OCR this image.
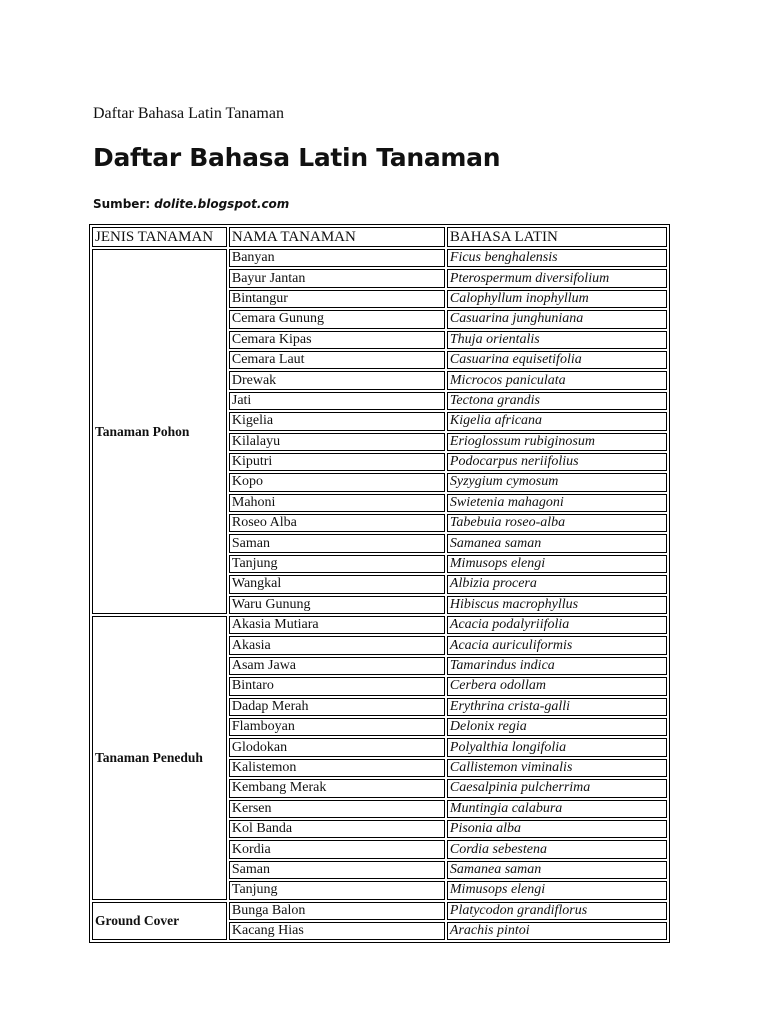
Daftar Bahasa Latin Tanaman
Daftar Bahasa Latin Tanaman
Sumber: dolite.blogspot.com
JENIS TANAMAN	NAMA TANAMAN	BAHASA LATIN
Tanaman Pohon	Banyan	Ficus benghalensis
	Bayur Jantan	Pterospermum diversifolium
	Bintangur	Calophyllum inophyllum
	Cemara Gunung	Casuarina junghuniana
	Cemara Kipas	Thuja orientalis
	Cemara Laut	Casuarina equisetifolia
	Drewak	Microcos paniculata
	Jati	Tectona grandis
	Kigelia	Kigelia africana
	Kilalayu	Erioglossum rubiginosum
	Kiputri	Podocarpus neriifolius
	Kopo	Syzygium cymosum
	Mahoni	Swietenia mahagoni
	Roseo Alba	Tabebuia roseo-alba
	Saman	Samanea saman
	Tanjung	Mimusops elengi
	Wangkal	Albizia procera
	Waru Gunung	Hibiscus macrophyllus
Tanaman Peneduh	Akasia Mutiara	Acacia podalyriifolia
	Akasia	Acacia auriculiformis
	Asam Jawa	Tamarindus indica
	Bintaro	Cerbera odollam
	Dadap Merah	Erythrina crista-galli
	Flamboyan	Delonix regia
	Glodokan	Polyalthia longifolia
	Kalistemon	Callistemon viminalis
	Kembang Merak	Caesalpinia pulcherrima
	Kersen	Muntingia calabura
	Kol Banda	Pisonia alba
	Kordia	Cordia sebestena
	Saman	Samanea saman
	Tanjung	Mimusops elengi
Ground Cover	Bunga Balon	Platycodon grandiflorus
	Kacang Hias	Arachis pintoi
